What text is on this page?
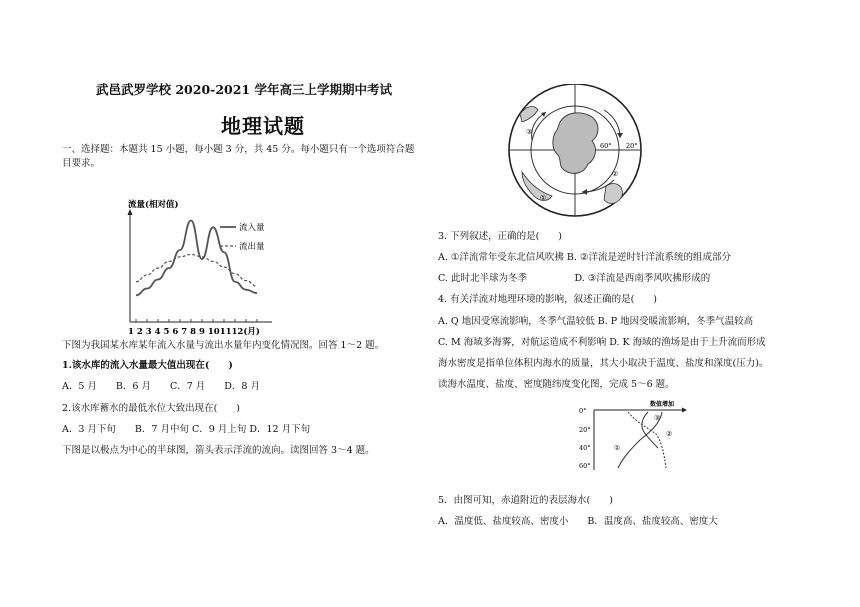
武邑武罗学校 2020-2021 学年高三上学期期中考试
地理试题
一、选择题：本题共 15 小题，每小题 3 分，共 45 分。每小题只有一个选项符合题
目要求。
流量(相对值)
流入量
流出量
1 2 3 4 5 6 7 8 9 101112(月)
下图为我国某水库某年流入水量与流出水量年内变化情况图。回答 1～2 题。
1.该水库的流入水量最大值出现在(　　)
A．5 月　　B．6 月　　C．7 月　　D．8 月
2.该水库蓄水的最低水位大致出现在(　　)
A．3 月下旬　　B．7 月中旬 C．9 月上旬 D．12 月下旬
下图是以极点为中心的半球图，箭头表示洋流的流向。读图回答 3～4 题。
60° 20°
①
②
③
3. 下列叙述，正确的是(　　)
A. ①洋流常年受东北信风吹拂 B. ②洋流是逆时针洋流系统的组成部分
C. 此时北半球为冬季　　　　　D. ③洋流是西南季风吹拂形成的
4. 有关洋流对地理环境的影响，叙述正确的是(　　)
A. Q 地因受寒流影响，冬季气温较低 B. P 地因受暖流影响，冬季气温较高
C. M 海域多海雾，对航运造成不利影响 D. K 海域的渔场是由于上升流而形成
海水密度是指单位体积内海水的质量，其大小取决于温度、盐度和深度(压力)。
读海水温度、盐度、密度随纬度变化图，完成 5～6 题。
数值增加
0°
20°
40°
60°
①
②
③
5．由图可知，赤道附近的表层海水(　　)
A．温度低、盐度较高、密度小　　B．温度高、盐度较高、密度大
